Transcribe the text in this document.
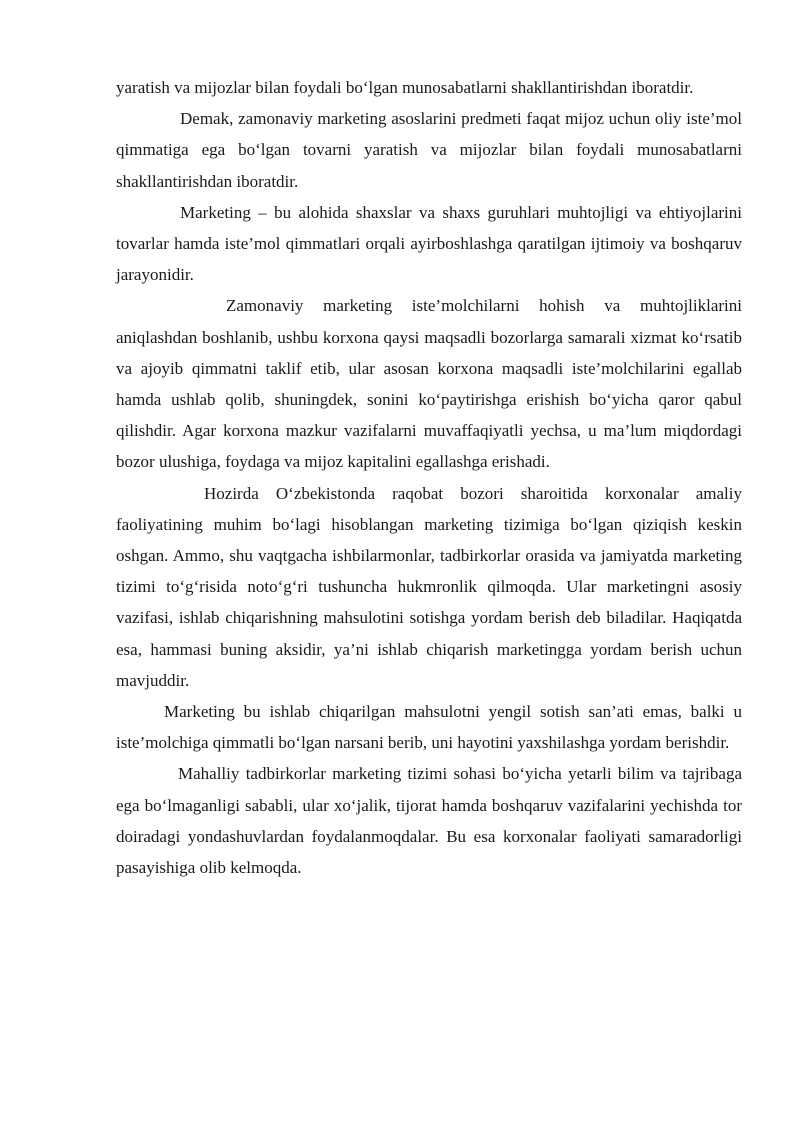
yaratish va mijozlar bilan foydali bo‘lgan munosabatlarni shakllantirishdan iboratdir.

Demak, zamonaviy marketing asoslarini predmeti faqat mijoz uchun oliy iste’mol qimmatiga ega bo‘lgan tovarni yaratish va mijozlar bilan foydali munosabatlarni shakllantirishdan iboratdir.

Marketing – bu alohida shaxslar va shaxs guruhlari muhtojligi va ehtiyojlarini tovarlar hamda iste’mol qimmatlari orqali ayirboshlashga qaratilgan ijtimoiy va boshqaruv jarayonidir.

Zamonaviy marketing iste’molchilarni hohish va muhtojliklarini aniqlashdan boshlanib, ushbu korxona qaysi maqsadli bozorlarga samarali xizmat ko‘rsatib va ajoyib qimmatni taklif etib, ular asosan korxona maqsadli iste’molchilarini egallab hamda ushlab qolib, shuningdek, sonini ko‘paytirishga erishish bo‘yicha qaror qabul qilishdir. Agar korxona mazkur vazifalarni muvaffaqiyatli yechsa, u ma’lum miqdordagi bozor ulushiga, foydaga va mijoz kapitalini egallashga erishadi.

Hozirda O‘zbekistonda raqobat bozori sharoitida korxonalar amaliy faoliyatining muhim bo‘lagi hisoblangan marketing tizimiga bo‘lgan qiziqish keskin oshgan. Ammo, shu vaqtgacha ishbilarmonlar, tadbirkorlar orasida va jamiyatda marketing tizimi to‘g‘risida noto‘g‘ri tushuncha hukmronlik qilmoqda. Ular marketingni asosiy vazifasi, ishlab chiqarishning mahsulotini sotishga yordam berish deb biladilar. Haqiqatda esa, hammasi buning aksidir, ya’ni ishlab chiqarish marketingga yordam berish uchun mavjuddir.

Marketing bu ishlab chiqarilgan mahsulotni yengil sotish san’ati emas, balki u iste’molchiga qimmatli bo‘lgan narsani berib, uni hayotini yaxshilashga yordam berishdir.

Mahalliy tadbirkorlar marketing tizimi sohasi bo‘yicha yetarli bilim va tajribaga ega bo‘lmaganligi sababli, ular xo‘jalik, tijorat hamda boshqaruv vazifalarini yechishda tor doiradagi yondashuvlardan foydalanmoqdalar. Bu esa korxonalar faoliyati samaradorligi pasayishiga olib kelmoqda.
